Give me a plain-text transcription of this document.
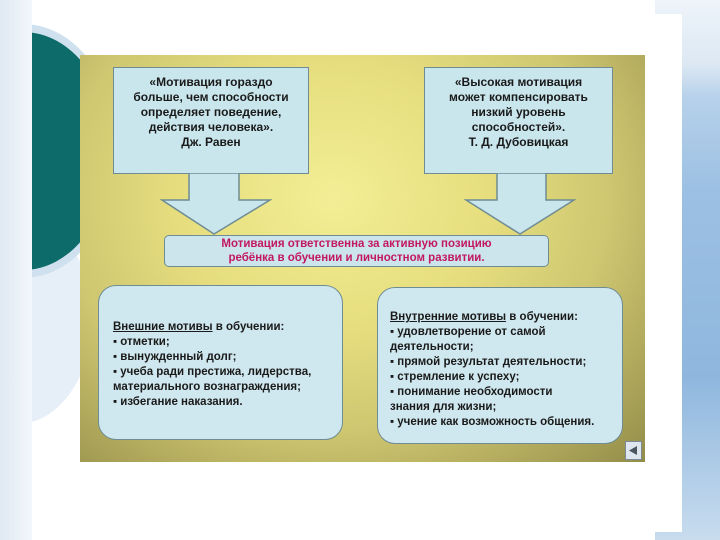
«Мотивация гораздо
больше, чем способности
определяет поведение,
действия человека».
Дж. Равен
«Высокая мотивация
может компенсировать
низкий уровень
способностей».
Т. Д. Дубовицкая
Мотивация ответственна за активную позицию
ребёнка в обучении и личностном развитии.
Внешние мотивы в обучении:
▪ отметки;
▪ вынужденный долг;
▪ учеба ради престижа, лидерства,
материального вознаграждения;
▪ избегание наказания.
Внутренние мотивы в обучении:
▪ удовлетворение от самой
деятельности;
▪ прямой результат деятельности;
▪ стремление к успеху;
▪ понимание необходимости
знания для жизни;
▪ учение как возможность общения.
